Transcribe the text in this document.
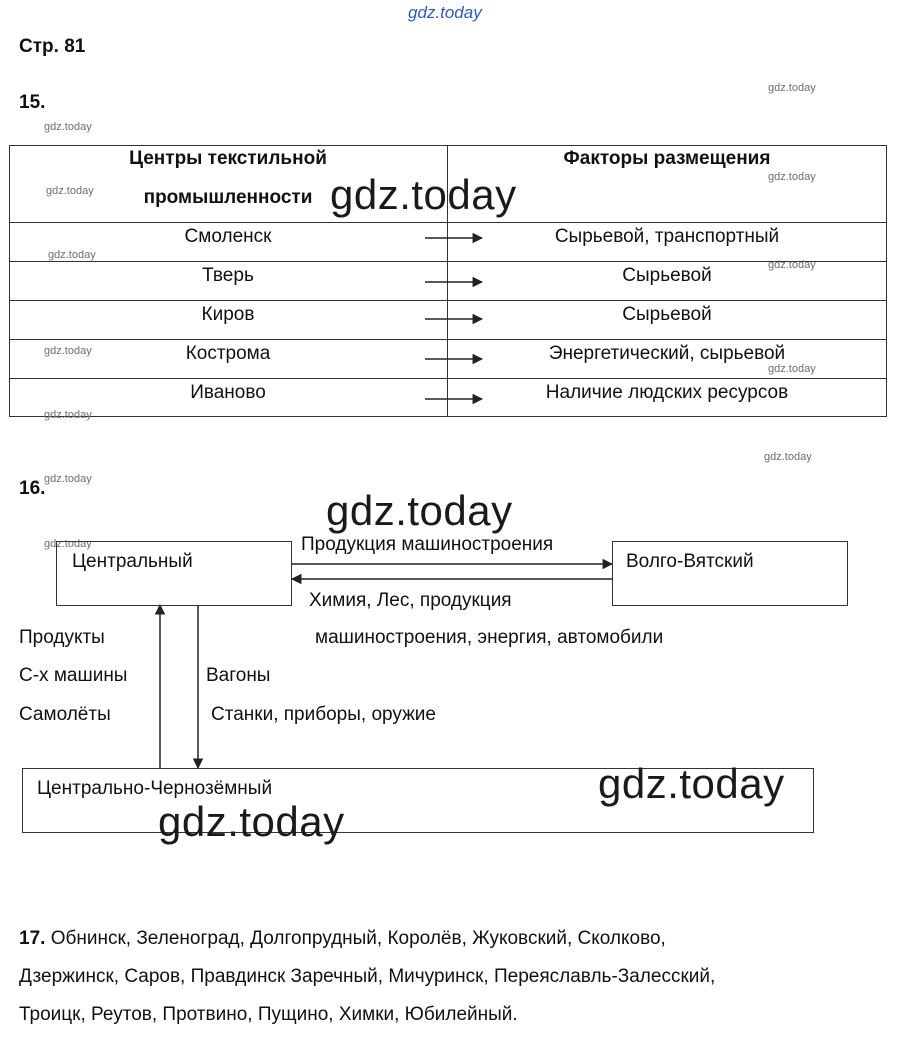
gdz.today
Стр. 81
15.
gdz.today
gdz.today
Центры текстильной
промышленности
Факторы размещения
Смоленск	Сырьевой, транспортный
Тверь	Сырьевой
Киров	Сырьевой
Кострома	Энергетический, сырьевой
Иваново	Наличие людских ресурсов
gdz.today
gdz.today
gdz.today
gdz.today
gdz.today
gdz.today
gdz.today
gdz.today
gdz.today
gdz.today
16.	gdz.today
gdz.today
Центральный	Волго-Вятский
Центрально-Чернозёмный
Продукция машиностроения
Химия, Лес, продукция
машиностроения, энергия, автомобили
Продукты
С-х машины
Самолёты
Вагоны
Станки, приборы, оружие
gdz.today
gdz.today
17. Обнинск, Зеленоград, Долгопрудный, Королёв, Жуковский, Сколково,
Дзержинск, Саров, Правдинск Заречный, Мичуринск, Переяславль-Залесский,
Троицк, Реутов, Протвино, Пущино, Химки, Юбилейный.
